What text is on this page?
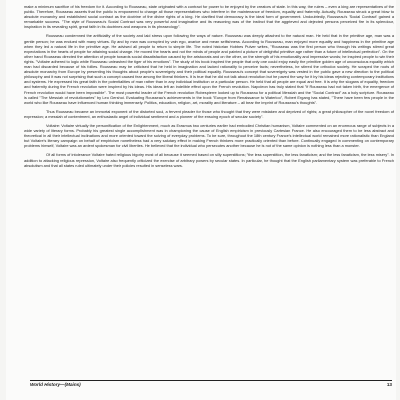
make a minimum sacrifice of his freedom for it. According to Rousseau, state originated with a contract for power to be enjoyed by the creators of state. In this way, the rulers – even a king are representatives of the public. Therefore, Rousseau asserts that the public is empowered to change all those representatives who interfere in the maintenance of freedom, equality and fraternity. Actually, Rousseau struck a great blow to absolute monarchy and established social contract as the doctrine of the divine rights of a king. He clarified that democracy is the ideal form of government. Undoubtedly, Rousseau's 'Social Contract' gained a remarkable success. "The style of Rousseau's Social Contract was very powerful and imaginative and its reasoning was of the instinct that the aggrieved and dejected persons perceived fire in its splendour, inspiration in its revealing spirit, great faith in its doctrines and weapons in its phraseology".

Rousseau condemned the artificiality of the society and laid stress upon following the ways of nature. Rousseau was deeply attached to the natural man. He held that in the primitive age, man was a gentle person; he was endued with many virtues. By and by man was corrupted by vain ego, avarice and mean selfishness. According to Rousseau, man enjoyed more equality and happiness in the primitive age when they led a natural life in the primitive age. He advised all people to return to simple life. The noted historian Hobbes Pulver writes, "Rousseau was the first person who through his writings stirred great expectations in the hearts of people for attaining social change. He moved the hearts and not the minds of people and painted a picture of delightful primitive age rather than a future of intellectual perfection". On the other hand Rousseau directed the attention of people towards social dissatisfaction caused by the aristocrats and on the other, on the strength of his emotionality and impressive words; he inspired people to win their rights. "Voltaire adhered to logic while Rousseau unleashed the tiger of his emotions". The study of his book inspired the people that only one could enjoy easily the primitive golden age of unconscious equality which man had discarded because of his follies. Rousseau may be criticised that he held in imagination and lacked rationality to perceive facts; nevertheless, he stirred the orthodox society. He scraped the roots of absolute monarchy from Europe by presenting his thoughts about people's sovereignty and their political equality. Rousseau's concept that sovereignty was vested in the public gave a new direction to the political philosophy and it was not surprising that such a concept caused fear among the liberal thinkers. It is true that he did not talk about revolution but he paved the way for it by his ideas rejecting contemporary institutions and systems. He expressed his great faith in the potentialities of man rather than in any individual institution or a particular person. He held that all people are equal and free. It is why the slogans of equality, freedom and fraternity during the French revolution were inspired by his ideas. His ideas left an indelible effect upon the French revolution. Napoleon has truly stated that "if Rousseau had not taken birth, the emergence of French revolution would have been impossible". The most powerful leader of the French revolution Robespierre looked up to Rousseau for a political Messiah and the "Social Contract" as a holy scripture. Rousseau is called "The Messiah of revolutionaries" by Leo Gershoi. Evaluating Rousseau's achievements in the book "Europe from Renaissance to Waterloo", Robert Ergang has stated, "There have been few people in the world who like Rousseau have influenced human thinking immensely. Politics, education, religion, art, morality and literature – all bear the imprint of Rousseau's thoughts".

Thus Rousseau became an immortal exponent of the distorted soul, a fervent pleader for those who thought that they were mistaken and deprived of rights; a great philosopher of the novel freedom of expression; a messiah of contentment, an enthusiastic angel of individual sentiment and a pioneer of the ensuing epoch of secular society".

Voltaire: Voltaire virtually the personification of the Enlightenment, much as Erasmus two centuries earlier had embodied Christian humanism, Voltaire commented on an enormous range of subjects in a wide variety of literary forms. Probably his greatest single accomplishment was in championing the cause of English empiricism in previously Cartesian France. He also encouraged them to be less abstract and theoretical in all their intellectual inclinations and more oriented toward the solving of everyday problems. To be sure, throughout the 18th century France's intellectual world remained more rationalistic than England but Voltaire's literary campaign on behalf of empiricism nonetheless had a very salutary effect in making French thinkers more practically oriented than before. Continually engaged in commenting on contemporary problems himself, Voltaire was an ardent spokesman for civil liberties. He believed that the individual who persecutes another because he is not of the same opinion is nothing less than a monster.

Of all forms of intolerance Voltaire hated religious bigotry most of all because it seemed based on silly superstitions; "the less superstition, the less fanaticism; and the less fanaticism, the less misery". In addition to attacking religious repression, Voltaire also frequently criticized the exercise of arbitrary powers by secular states. In particular, he thought that the English parliamentary system was preferable to French absolutism and that all states ruled ultimately under their policies resulted in senseless wars.

World History—(Mains)	13
